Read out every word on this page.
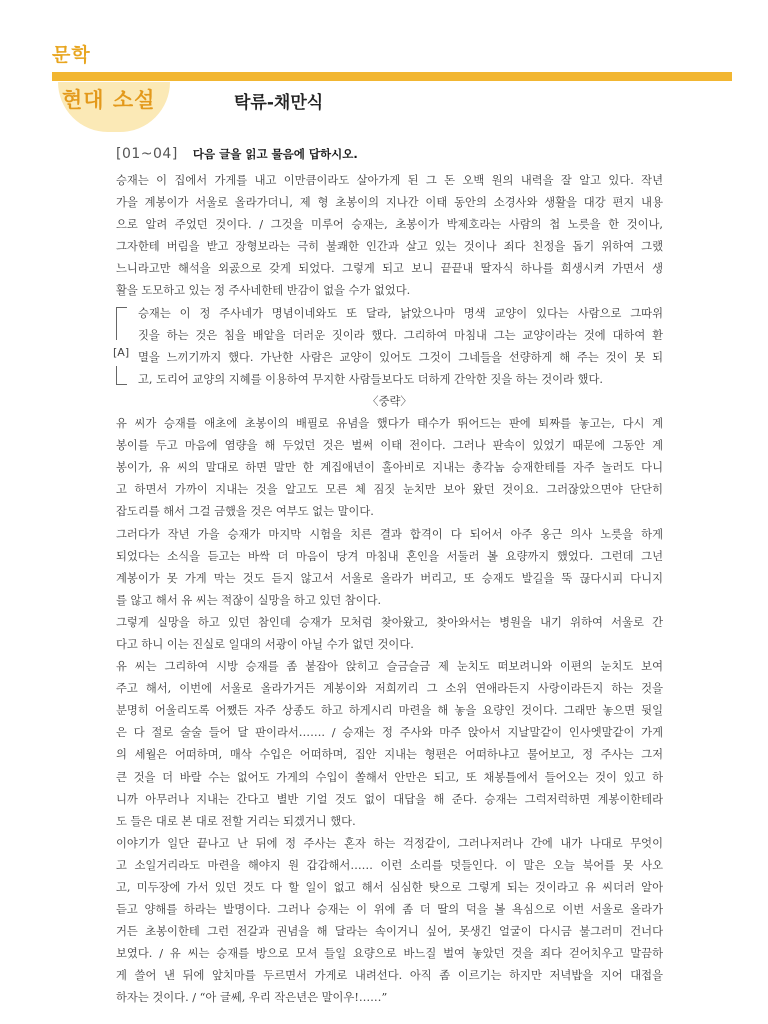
문학
현대 소설	탁류-채만식
[01~04] 다음 글을 읽고 물음에 답하시오.
승재는 이 집에서 가게를 내고 이만큼이라도 살아가게 된 그 돈 오백 원의 내력을 잘 알고 있다. 작년
가을 계봉이가 서울로 올라가더니, 제 형 초봉이의 지나간 이태 동안의 소경사와 생활을 대강 편지 내용
으로 알려 주었던 것이다. / 그것을 미루어 승재는, 초봉이가 박제호라는 사람의 첩 노릇을 한 것이나,
그자한테 버림을 받고 장형보라는 극히 불쾌한 인간과 살고 있는 것이나 죄다 친정을 돕기 위하여 그랬
느니라고만 해석을 외곬으로 갖게 되었다. 그렇게 되고 보니 끝끝내 딸자식 하나를 희생시켜 가면서 생
활을 도모하고 있는 정 주사네한테 반감이 없을 수가 없었다.
[A]
승재는 이 정 주사네가 명념이네와도 또 달라, 낡았으나마 명색 교양이 있다는 사람으로 그따위
짓을 하는 것은 침을 배앝을 더러운 짓이라 했다. 그리하여 마침내 그는 교양이라는 것에 대하여 환
멸을 느끼기까지 했다. 가난한 사람은 교양이 있어도 그것이 그네들을 선량하게 해 주는 것이 못 되
고, 도리어 교양의 지혜를 이용하여 무지한 사람들보다도 더하게 간악한 짓을 하는 것이라 했다.
〈중략〉
유 씨가 승재를 애초에 초봉이의 배필로 유념을 했다가 태수가 뛰어드는 판에 퇴짜를 놓고는, 다시 계
봉이를 두고 마음에 염량을 해 두었던 것은 벌써 이태 전이다. 그러나 판속이 있었기 때문에 그동안 계
봉이가, 유 씨의 말대로 하면 말만 한 계집애년이 홀아비로 지내는 총각놈 승재한테를 자주 놀러도 다니
고 하면서 가까이 지내는 것을 알고도 모른 체 짐짓 눈치만 보아 왔던 것이요. 그러잖았으면야 단단히
잡도리를 해서 그걸 금했을 것은 여부도 없는 말이다.
그러다가 작년 가을 승재가 마지막 시험을 치른 결과 합격이 다 되어서 아주 옹근 의사 노릇을 하게
되었다는 소식을 듣고는 바싹 더 마음이 당겨 마침내 혼인을 서둘러 볼 요량까지 했었다. 그런데 그넌
계봉이가 못 가게 막는 것도 듣지 않고서 서울로 올라가 버리고, 또 승재도 발길을 뚝 끊다시피 다니지
를 않고 해서 유 씨는 적잖이 실망을 하고 있던 참이다.
그렇게 실망을 하고 있던 참인데 승재가 모처럼 찾아왔고, 찾아와서는 병원을 내기 위하여 서울로 간
다고 하니 이는 진실로 일대의 서광이 아닐 수가 없던 것이다.
유 씨는 그리하여 시방 승재를 좀 붙잡아 앉히고 슬금슬금 제 눈치도 떠보려니와 이편의 눈치도 보여
주고 해서, 이번에 서울로 올라가거든 계봉이와 저희끼리 그 소위 연애라든지 사랑이라든지 하는 것을
분명히 어울리도록 어쨌든 자주 상종도 하고 하게시리 마련을 해 놓을 요량인 것이다. 그래만 놓으면 뒷일
은 다 절로 술술 들어 달 판이라서……. / 승재는 정 주사와 마주 앉아서 지날말같이 인사엣말같이 가게
의 세월은 어떠하며, 매삭 수입은 어떠하며, 집안 지내는 형편은 어떠하냐고 물어보고, 정 주사는 그저
큰 것을 더 바랄 수는 없어도 가게의 수입이 쏠해서 안만은 되고, 또 채봉틀에서 들어오는 것이 있고 하
니까 아무러나 지내는 간다고 별반 기얼 것도 없이 대답을 해 준다. 승재는 그럭저럭하면 계봉이한테라
도 들은 대로 본 대로 전할 거리는 되겠거니 했다.
이야기가 일단 끝나고 난 뒤에 정 주사는 혼자 하는 걱정같이, 그러나저러나 간에 내가 나대로 무엇이
고 소일거리라도 마련을 해야지 원 갑갑해서…… 이런 소리를 덧들인다. 이 말은 오늘 북어를 못 사오
고, 미두장에 가서 있던 것도 다 할 일이 없고 해서 심심한 탓으로 그렇게 되는 것이라고 유 씨더러 알아
듣고 양해를 하라는 발명이다. 그러나 승재는 이 위에 좀 더 딸의 덕을 볼 욕심으로 이번 서울로 올라가
거든 초봉이한테 그런 전갈과 권념을 해 달라는 속이거니 싶어, 못생긴 얼굴이 다시금 불그러미 건너다
보였다. / 유 씨는 승재를 방으로 모셔 들일 요량으로 바느질 벌여 놓았던 것을 죄다 걷어치우고 말끔하
게 쓸어 낸 뒤에 앞치마를 두르면서 가게로 내려선다. 아직 좀 이르기는 하지만 저녁밥을 지어 대접을
하자는 것이다. / “아 글쎄, 우리 작은년은 말이우!……”
